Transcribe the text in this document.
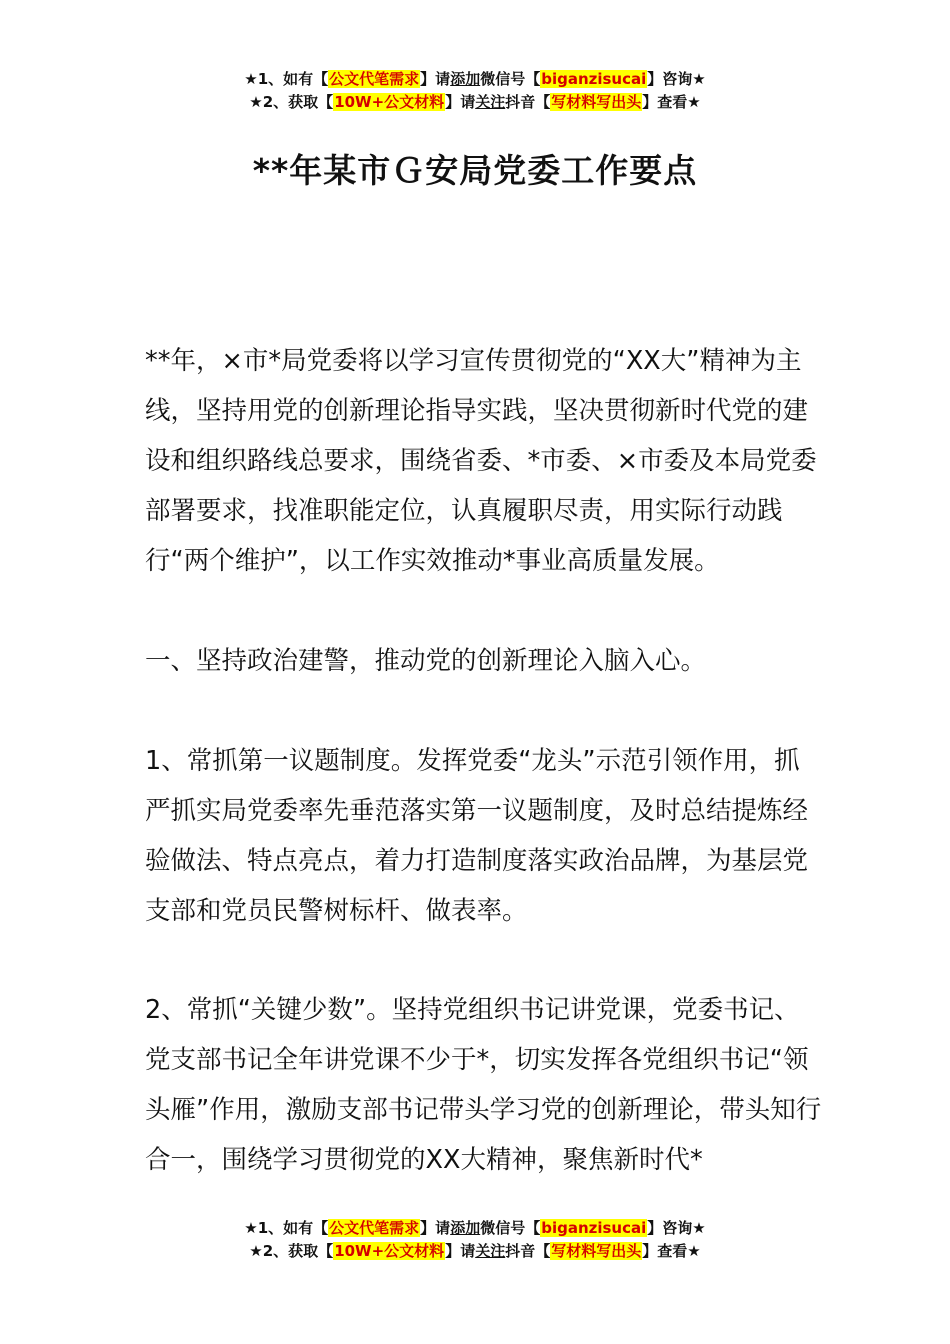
★1、如有【公文代笔需求】请添加微信号【biganzisucai】咨询★
★2、获取【10W+公文材料】请关注抖音【写材料写出头】查看★
**年某市Ｇ安局党委工作要点

**年，×市*局党委将以学习宣传贯彻党的“XX大”精神为主线，坚持用党的创新理论指导实践，坚决贯彻新时代党的建设和组织路线总要求，围绕省委、*市委、×市委及本局党委部署要求，找准职能定位，认真履职尽责，用实际行动践行“两个维护”，以工作实效推动*事业高质量发展。

一、坚持政治建警，推动党的创新理论入脑入心。

1、常抓第一议题制度。发挥党委“龙头”示范引领作用，抓严抓实局党委率先垂范落实第一议题制度，及时总结提炼经验做法、特点亮点，着力打造制度落实政治品牌，为基层党支部和党员民警树标杆、做表率。

2、常抓“关键少数”。坚持党组织书记讲党课，党委书记、党支部书记全年讲党课不少于*，切实发挥各党组织书记“领头雁”作用，激励支部书记带头学习党的创新理论，带头知行合一，围绕学习贯彻党的XX大精神，聚焦新时代*

★1、如有【公文代笔需求】请添加微信号【biganzisucai】咨询★
★2、获取【10W+公文材料】请关注抖音【写材料写出头】查看★
